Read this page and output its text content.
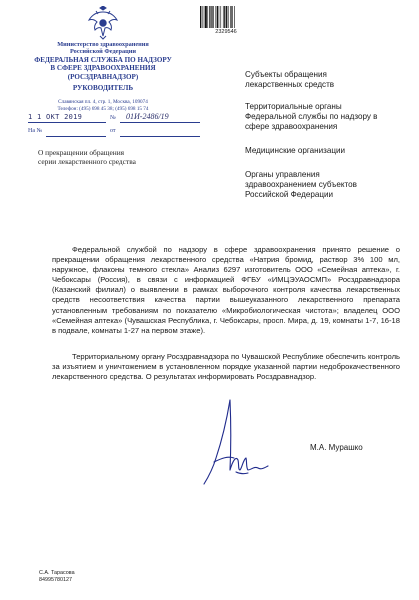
Министерство здравоохранения
Российской Федерации
ФЕДЕРАЛЬНАЯ СЛУЖБА ПО НАДЗОРУ
В СФЕРЕ ЗДРАВООХРАНЕНИЯ
(РОСЗДРАВНАДЗОР)
РУКОВОДИТЕЛЬ
Славянская пл. 4, стр. 1, Москва, 109074
Телефон: (495) 698 45 38; (495) 698 15 74
1 1 ОКТ 2019	№ 01И-2486/19
На №	от
О прекращении обращения
серии лекарственного средства
2329546
Субъекты обращения
лекарственных средств
Территориальные органы
Федеральной службы по надзору в
сфере здравоохранения
Медицинские организации
Органы управления
здравоохранением субъектов
Российской Федерации
Федеральной службой по надзору в сфере здравоохранения принято решение о прекращении обращения лекарственного средства «Натрия бромид, раствор 3% 100 мл, наружное, флаконы темного стекла» Анализ 6297 изготовитель ООО «Семейная аптека», г. Чебоксары (Россия), в связи с информацией ФГБУ «ИМЦЭУАОСМП» Росздравнадзора (Казанский филиал) о выявлении в рамках выборочного контроля качества лекарственных средств несоответствия качества партии вышеуказанного лекарственного препарата установленным требованиям по показателю «Микробиологическая чистота»; владелец ООО «Семейная аптека» (Чувашская Республика, г. Чебоксары, просп. Мира, д. 19, комнаты 1-7, 16-18 в подвале, комнаты 1-27 на первом этаже).
Территориальному органу Росздравнадзора по Чувашской Республике обеспечить контроль за изъятием и уничтожением в установленном порядке указанной партии недоброкачественного лекарственного средства. О результатах информировать Росздравнадзор.
М.А. Мурашко
С.А. Тарасова
84995780127
